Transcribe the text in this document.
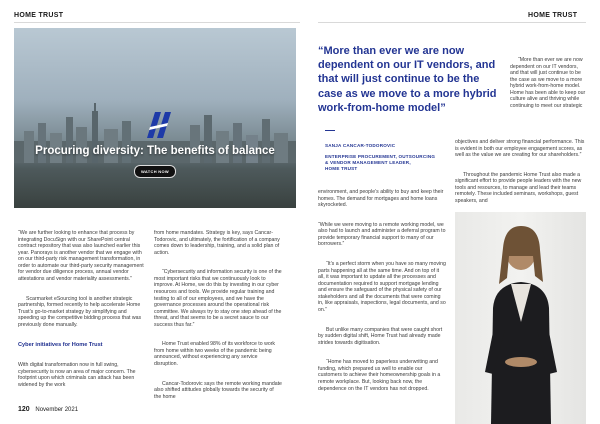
HOME TRUST	HOME TRUST
Procuring diversity: The benefits of balance
WATCH NOW

“More than ever we are now dependent on our IT vendors, and that will just continue to be the case as we move to a more hybrid work-from-home model”

SANJA CANCAR-TODOROVIC

ENTERPRISE PROCUREMENT, OUTSOURCING
& VENDOR MANAGEMENT LEADER,
HOME TRUST

“We are further looking to enhance that process by integrating DocuSign with our SharePoint central contract repository that was also launched earlier this year. Panorays is another vendor that we engage with on our third-party risk management transformation, in order to automate our third-party security management for vendor due diligence process, annual vendor attestations and vendor materiality assessments.”

Scarmarket eSourcing tool is another strategic partnership, formed recently to help accelerate Home Trust’s go-to-market strategy by simplifying and speeding up the competitive bidding process that was previously done manually.

Cyber initiatives for Home Trust

With digital transformation now in full swing, cybersecurity is now an area of major concern. The footprint upon which criminals can attack has been widened by the work

from home mandates. Strategy is key, says Cancar-Todorovic, and ultimately, the fortification of a company comes down to leadership, training, and a solid plan of action.

“Cybersecurity and information security is one of the most important risks that we continuously look to improve. At Home, we do this by investing in our cyber resources and tools. We provide regular training and testing to all of our employees, and we have the governance processes around the operational risk committee. We always try to stay one step ahead of the threat, and that seems to be a secret sauce to our success thus far.”

Home Trust enabled 98% of its workforce to work from home within two weeks of the pandemic being announced, without experiencing any service disruption.

Cancar-Todorovic says the remote working mandate also shifted attitudes globally towards the security of the home

environment, and people’s ability to buy and keep their homes. The demand for mortgages and home loans skyrocketed.

“While we were moving to a remote working model, we also had to launch and administer a deferral program to provide temporary financial support to many of our borrowers.”

“It’s a perfect storm when you have so many moving parts happening all at the same time. And on top of it all, it was important to update all the processes and documentation required to support mortgage lending and ensure the safeguard of the physical safety of our stakeholders and all the documents that were coming in, like appraisals, inspections, legal documents, and so on.”

But unlike many companies that were caught short by sudden digital shift, Home Trust had already made strides towards digitisation.

“Home has moved to paperless underwriting and funding, which prepared us well to enable our customers to achieve their homeownership goals in a remote workplace. But, looking back now, the dependence on the IT vendors has not dropped.

“More than ever we are now dependent on our IT vendors, and that will just continue to be the case as we move to a more hybrid work-from-home model. Home has been able to keep our culture alive and thriving while continuing to meet our strategic

objectives and deliver strong financial performance. This is evident in both our employee engagement scores, as well as the value we are creating for our shareholders.”

Throughout the pandemic Home Trust also made a significant effort to provide people leaders with the new tools and resources, to manage and lead their teams remotely. These included seminars, workshops, guest speakers, and

120 November 2021
